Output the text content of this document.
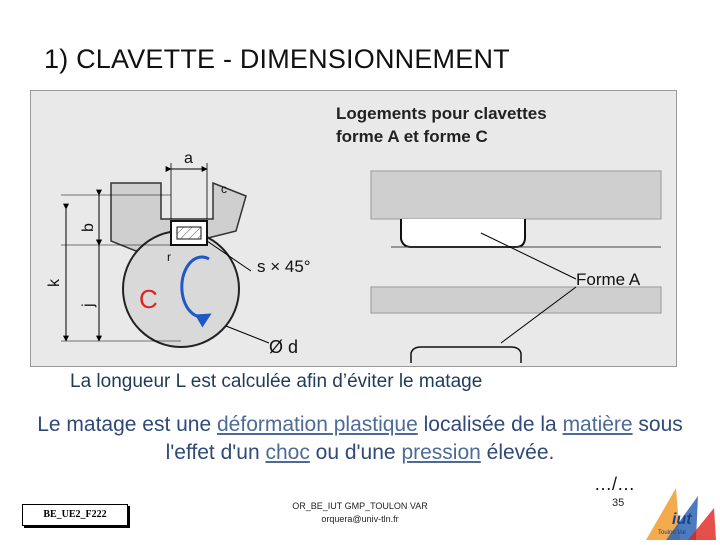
1) CLAVETTE - DIMENSIONNEMENT
Logements pour clavettes
forme A et forme C
a
b
k
j
r
c
s × 45°
Ø d
Forme A
C
La longueur L est calculée afin d’éviter le matage
Le matage est une déformation plastique localisée de la matière sous l'effet d'un choc ou d'une pression élevée.
…/…
35
BE_UE2_F222
OR_BE_IUT GMP_TOULON VAR
orquera@univ-tln.fr	iut
Toulon Var
